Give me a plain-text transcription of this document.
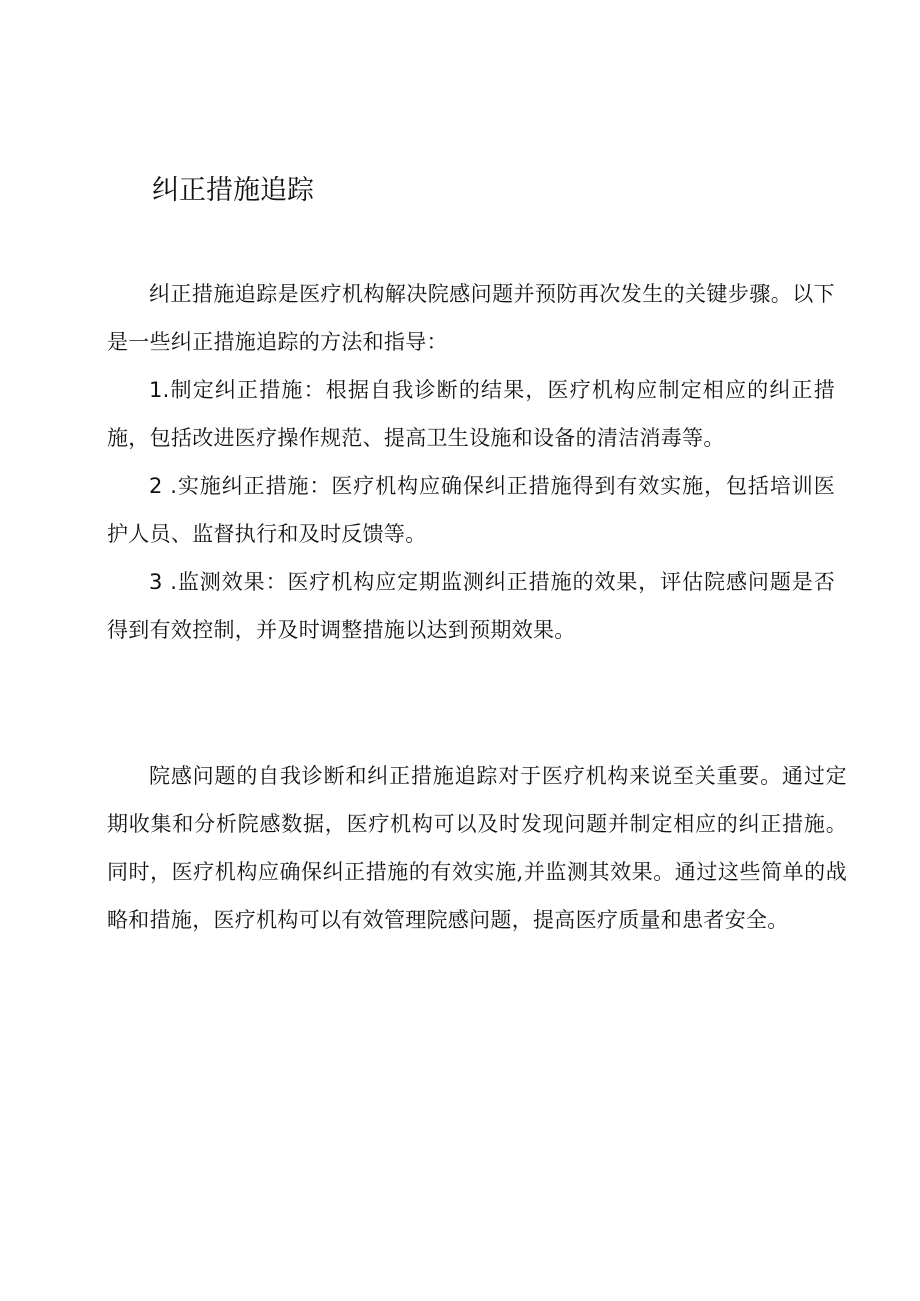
纠正措施追踪

纠正措施追踪是医疗机构解决院感问题并预防再次发生的关键步骤。以下是一些纠正措施追踪的方法和指导：

1.制定纠正措施：根据自我诊断的结果，医疗机构应制定相应的纠正措施，包括改进医疗操作规范、提高卫生设施和设备的清洁消毒等。

2 .实施纠正措施：医疗机构应确保纠正措施得到有效实施，包括培训医护人员、监督执行和及时反馈等。

3 .监测效果：医疗机构应定期监测纠正措施的效果，评估院感问题是否得到有效控制，并及时调整措施以达到预期效果。

院感问题的自我诊断和纠正措施追踪对于医疗机构来说至关重要。通过定期收集和分析院感数据，医疗机构可以及时发现问题并制定相应的纠正措施。同时，医疗机构应确保纠正措施的有效实施,并监测其效果。通过这些简单的战略和措施，医疗机构可以有效管理院感问题，提高医疗质量和患者安全。
